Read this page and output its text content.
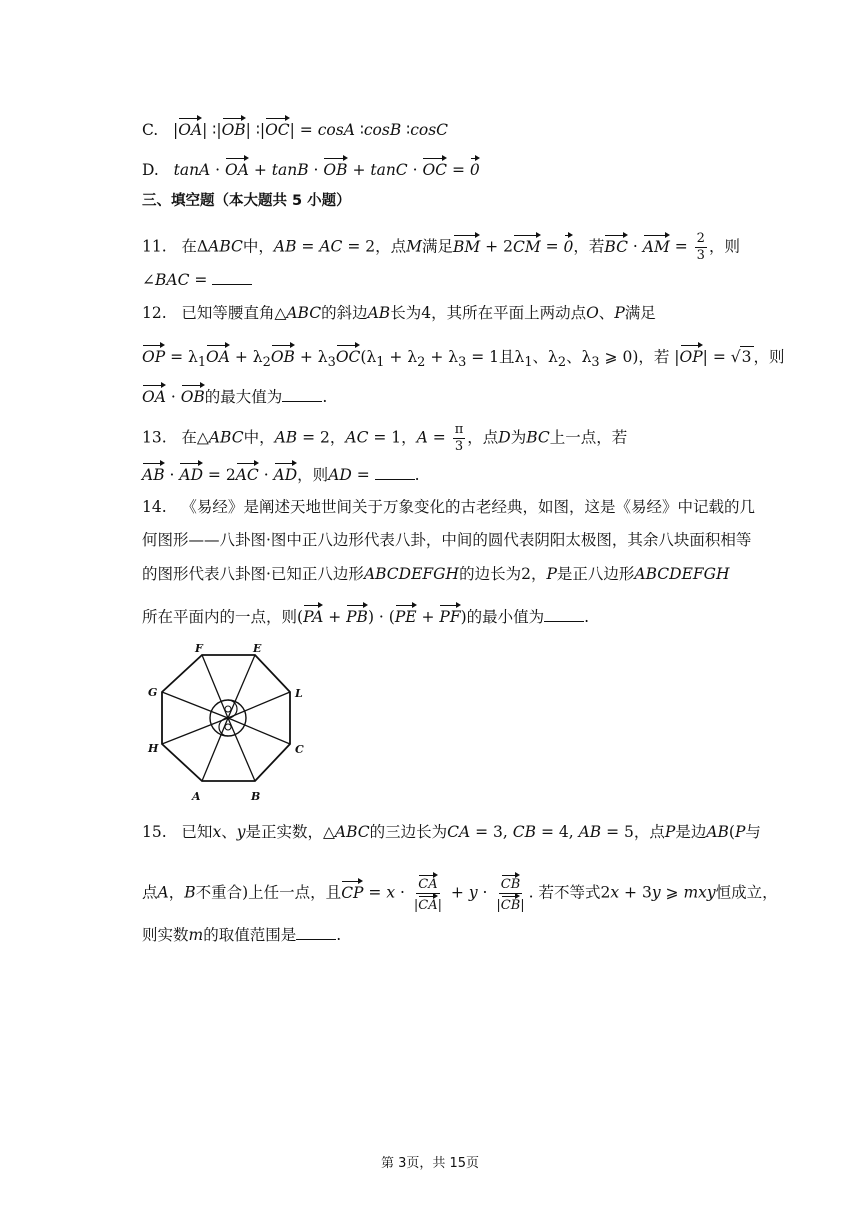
C.   |OA| ∶|OB| ∶|OC| = cosA ∶cosB ∶cosC
D. tanA · OA + tanB · OB + tanC · OC = 0
三、填空题（本大题共 5 小题）
11.   在ΔABC中，AB = AC = 2，点M满足BM + 2CM = 0，若BC · AM = $\frac{2}{3}$ ，则
∠BAC =
12.   已知等腰直角△ABC的斜边AB长为4，其所在平面上两动点O、P满足
OP = $\lambda_1OA + \lambda_2OB + \lambda_3OC(\lambda_1 + \lambda_2 + \lambda_3 = 1$且$\lambda_1$、$\lambda_2$、$\lambda_3$ ⩾ 0)，若 |OP| = √3 ，则
OA · OB的最大值为	.
13.   在△ABC中，AB = 2，AC = 1，$A = \frac{\pi}{3}$ ，点D为BC上一点，若
AB · AD = 2AC · AD，则AD =	.
14.   《易经》是阐述天地世间关于万象变化的古老经典，如图，这是《易经》中记载的几
何图形——八卦图·图中正八边形代表八卦，中间的圆代表阴阳太极图，其余八块面积相等
的图形代表八卦图·已知正八边形ABCDEFGH的边长为2，P是正八边形ABCDEFGH
所在平面内的一点，则(PA + PB) · (PE + PF)的最小值为	.
F	E
G	L
H	C
A	B
15.   已知x、y是正实数，△ABC的三边长为CA = 3, CB = 4, AB = 5，点P是边AB(P与
点A，B不重合)上任一点，且CP = $x \cdot \frac{CA}{|CA|} + y \cdot \frac{CB}{|CB|}$ . 若不等式2x + 3y ⩾ mxy恒成立，
则实数m的取值范围是	.
第 3页，共 15页
